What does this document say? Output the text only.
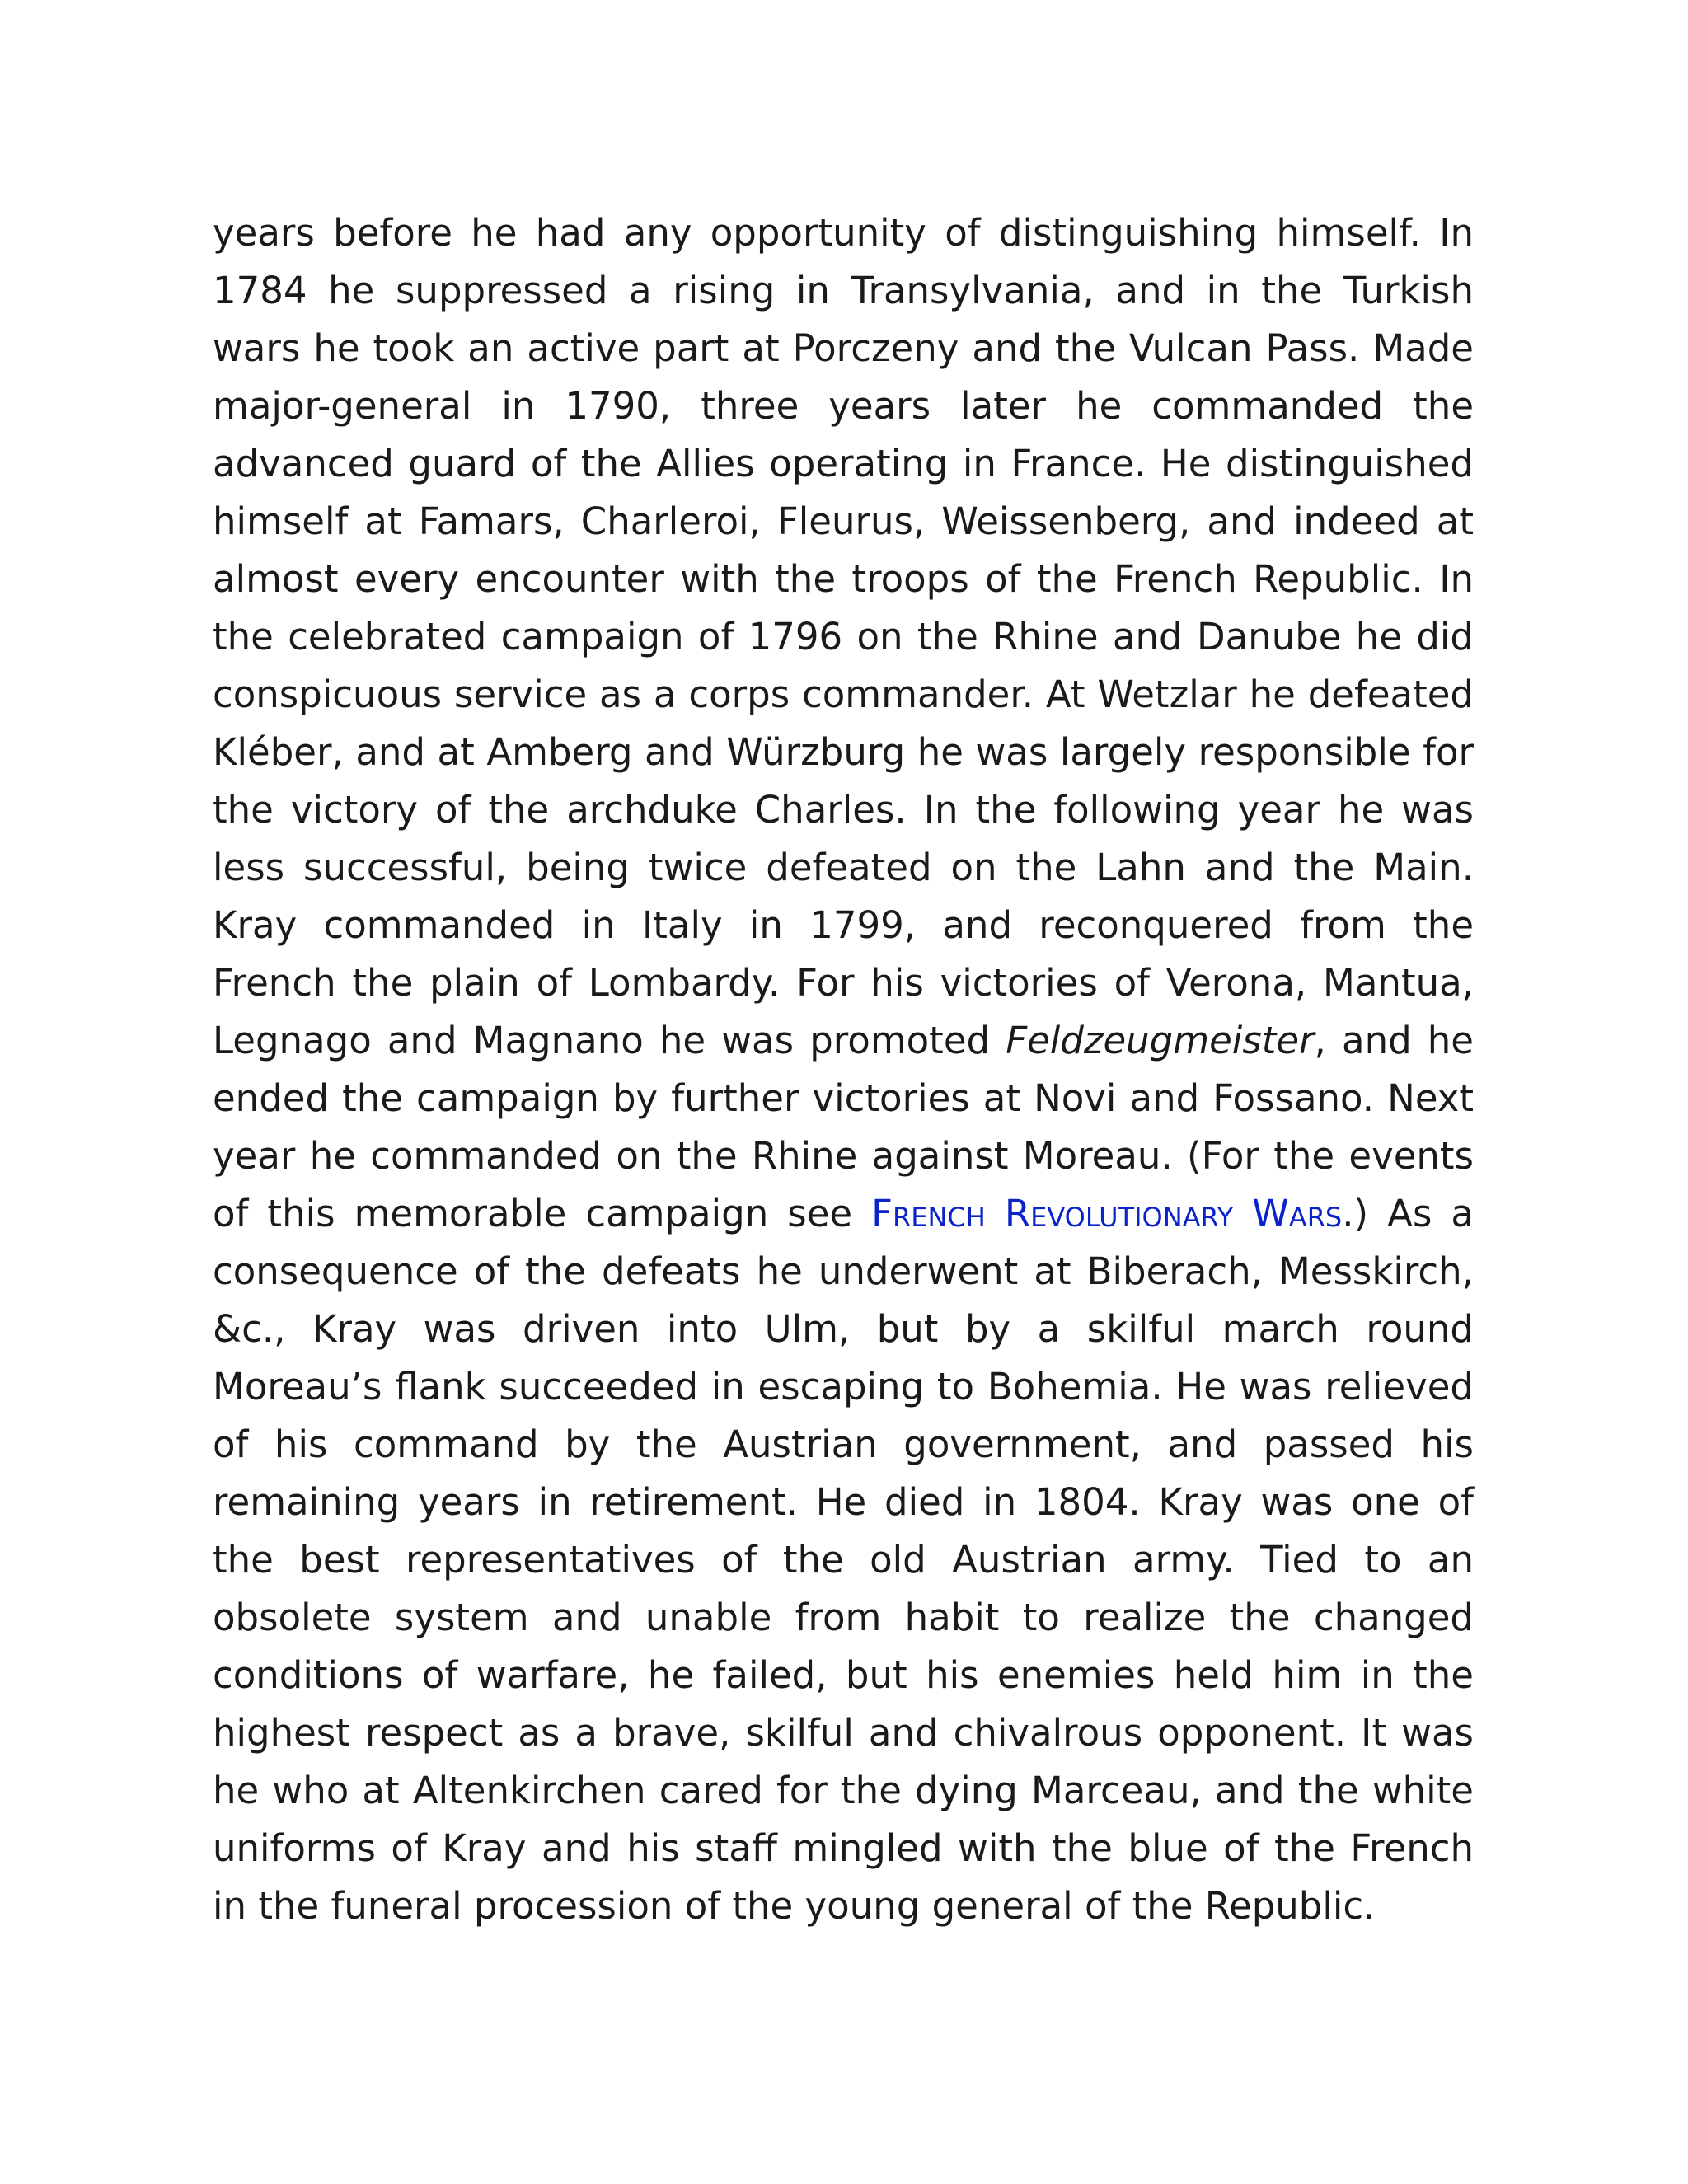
years before he had any opportunity of distinguishing himself. In 1784 he suppressed a rising in Transylvania, and in the Turkish wars he took an active part at Porczeny and the Vulcan Pass. Made major-general in 1790, three years later he commanded the advanced guard of the Allies operating in France. He distinguished himself at Famars, Charleroi, Fleurus, Weissenberg, and indeed at almost every encounter with the troops of the French Republic. In the celebrated campaign of 1796 on the Rhine and Danube he did conspicuous service as a corps commander. At Wetzlar he defeated Kléber, and at Amberg and Würzburg he was largely responsible for the victory of the archduke Charles. In the following year he was less successful, being twice defeated on the Lahn and the Main. Kray commanded in Italy in 1799, and reconquered from the French the plain of Lombardy. For his victories of Verona, Mantua, Legnago and Magnano he was promoted Feldzeugmeister, and he ended the campaign by further victories at Novi and Fossano. Next year he commanded on the Rhine against Moreau. (For the events of this memorable campaign see French Revolutionary Wars.) As a consequence of the defeats he underwent at Biberach, Messkirch, &c., Kray was driven into Ulm, but by a skilful march round Moreau’s flank succeeded in escaping to Bohemia. He was relieved of his command by the Austrian government, and passed his remaining years in retirement. He died in 1804. Kray was one of the best representatives of the old Austrian army. Tied to an obsolete system and unable from habit to realize the changed conditions of warfare, he failed, but his enemies held him in the highest respect as a brave, skilful and chivalrous opponent. It was he who at Altenkirchen cared for the dying Marceau, and the white uniforms of Kray and his staff mingled with the blue of the French in the funeral procession of the young general of the Republic.
